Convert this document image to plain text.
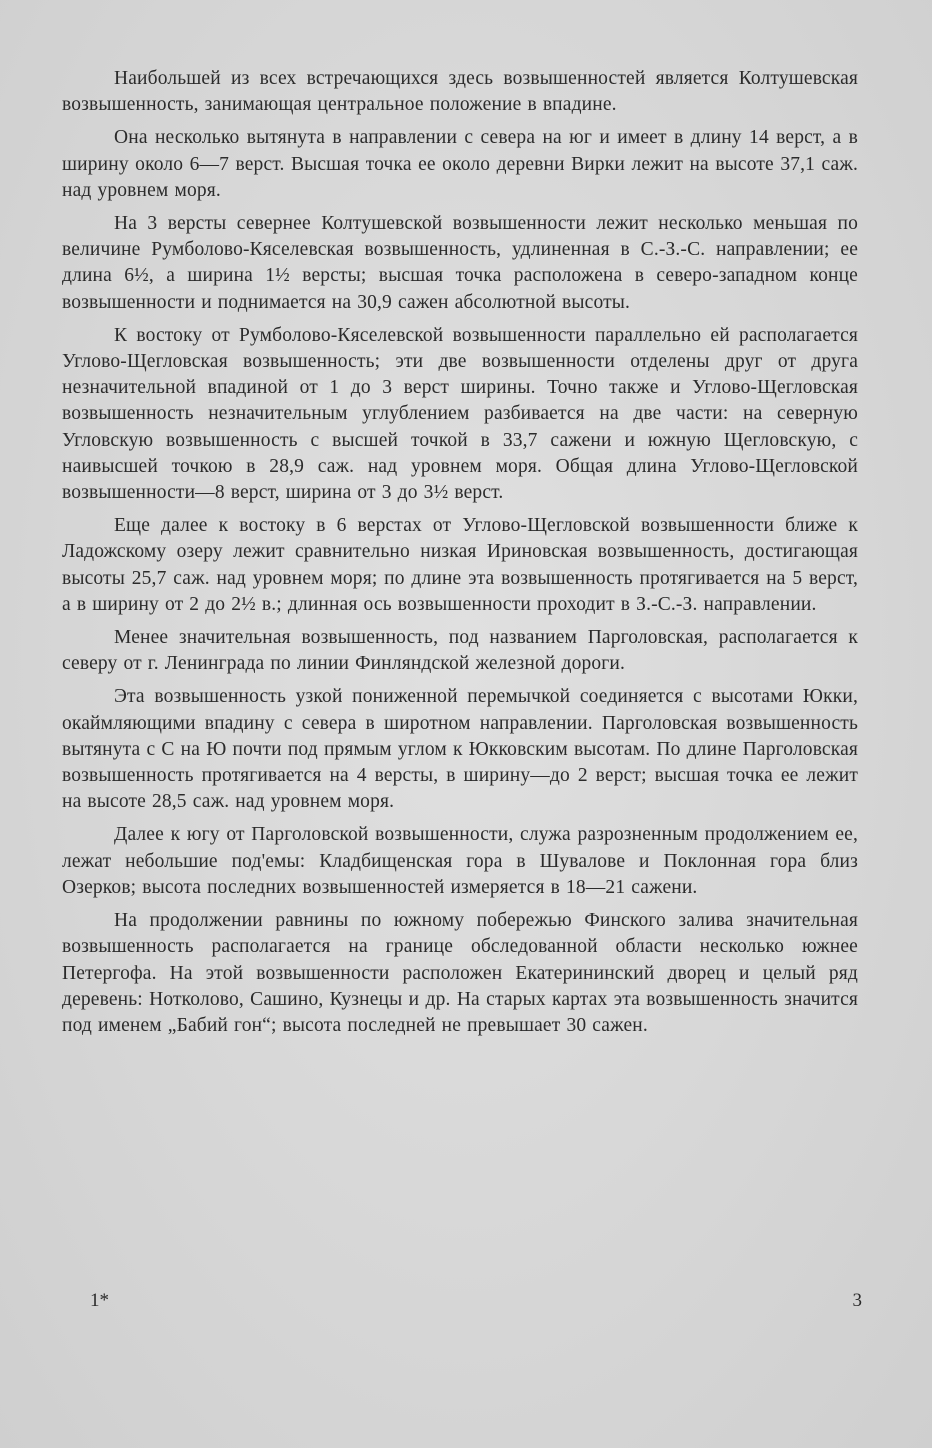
Наибольшей из всех встречающихся здесь возвышенностей является Колтушевская возвышенность, занимающая центральное положение в впадине.

Она несколько вытянута в направлении с севера на юг и имеет в длину 14 верст, а в ширину около 6—7 верст. Высшая точка ее около деревни Вирки лежит на высоте 37,1 саж. над уровнем моря.

На 3 версты севернее Колтушевской возвышенности лежит несколько меньшая по величине Румболово-Кяселевская возвышенность, удлиненная в С.-З.-С. направлении; ее длина 6½, а ширина 1½ версты; высшая точка расположена в северо-западном конце возвышенности и поднимается на 30,9 сажен абсолютной высоты.

К востоку от Румболово-Кяселевской возвышенности параллельно ей располагается Углово-Щегловская возвышенность; эти две возвышенности отделены друг от друга незначительной впадиной от 1 до 3 верст ширины. Точно также и Углово-Щегловская возвышенность незначительным углублением разбивается на две части: на северную Угловскую возвышенность с высшей точкой в 33,7 сажени и южную Щегловскую, с наивысшей точкою в 28,9 саж. над уровнем моря. Общая длина Углово-Щегловской возвышенности—8 верст, ширина от 3 до 3½ верст.

Еще далее к востоку в 6 верстах от Углово-Щегловской возвышенности ближе к Ладожскому озеру лежит сравнительно низкая Ириновская возвышенность, достигающая высоты 25,7 саж. над уровнем моря; по длине эта возвышенность протягивается на 5 верст, а в ширину от 2 до 2½ в.; длинная ось возвышенности проходит в З.-С.-З. направлении.

Менее значительная возвышенность, под названием Парголовская, располагается к северу от г. Ленинграда по линии Финляндской железной дороги.

Эта возвышенность узкой пониженной перемычкой соединяется с высотами Юкки, окаймляющими впадину с севера в широтном направлении. Парголовская возвышенность вытянута с С на Ю почти под прямым углом к Юкковским высотам. По длине Парголовская возвышенность протягивается на 4 версты, в ширину—до 2 верст; высшая точка ее лежит на высоте 28,5 саж. над уровнем моря.

Далее к югу от Парголовской возвышенности, служа разрозненным продолжением ее, лежат небольшие под'емы: Кладбищенская гора в Шувалове и Поклонная гора близ Озерков; высота последних возвышенностей измеряется в 18—21 сажени.

На продолжении равнины по южному побережью Финского залива значительная возвышенность располагается на границе обследованной области несколько южнее Петергофа. На этой возвышенности расположен Екатерининский дворец и целый ряд деревень: Нотколово, Сашино, Кузнецы и др. На старых картах эта возвышенность значится под именем „Бабий гон“; высота последней не превышает 30 сажен.

1*	3
